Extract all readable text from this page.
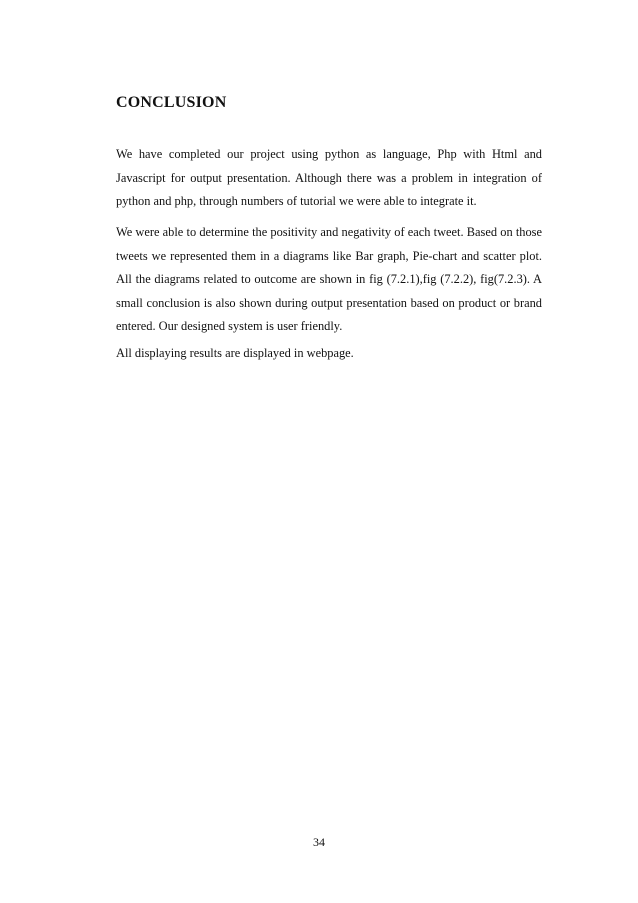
CONCLUSION

We have completed our project using python as language, Php with Html and Javascript for output presentation. Although there was a problem in integration of python and php, through numbers of tutorial we were able to integrate it.

We were able to determine the positivity and negativity of each tweet. Based on those tweets we represented them in a diagrams like Bar graph, Pie-chart and scatter plot. All the diagrams related to outcome are shown in fig (7.2.1),fig (7.2.2), fig(7.2.3). A small conclusion is also shown during output presentation based on product or brand entered. Our designed system is user friendly.

All displaying results are displayed in webpage.

34
